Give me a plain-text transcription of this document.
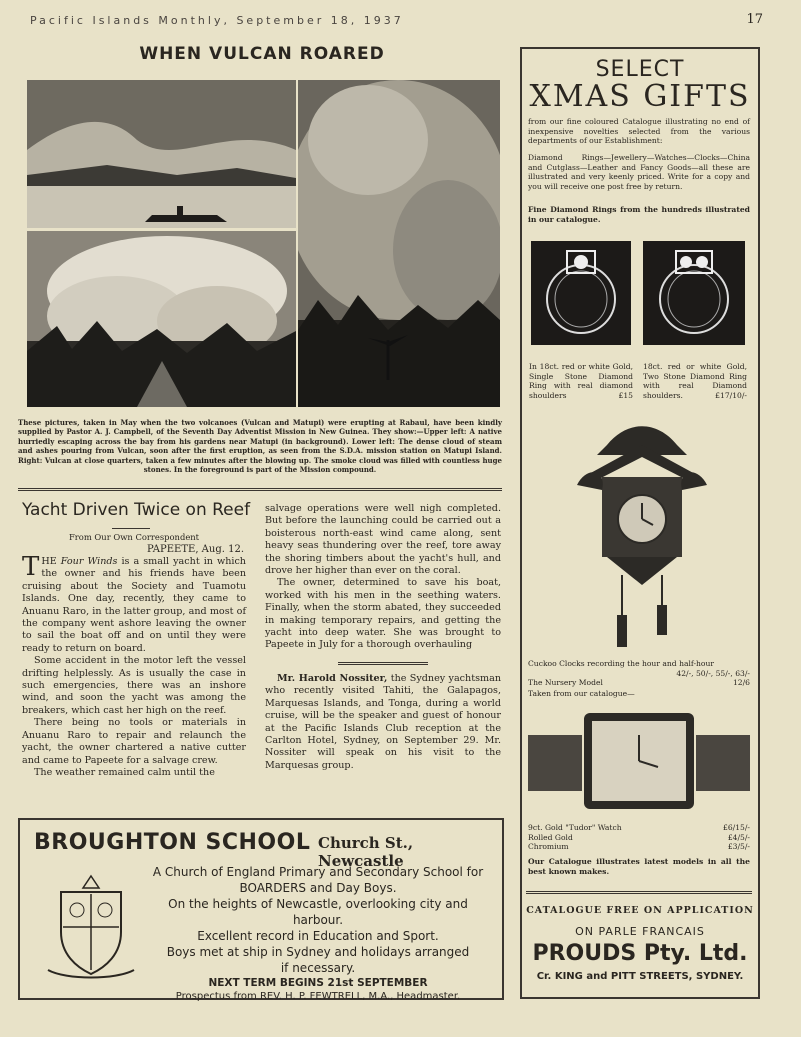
Pacific Islands Monthly, September 18, 1937	17
WHEN VULCAN ROARED
These pictures, taken in May when the two volcanoes (Vulcan and Matupi) were erupting at Rabaul, have been kindly supplied by Pastor A. J. Campbell, of the Seventh Day Adventist Mission in New Guinea. They show:—Upper left: A native hurriedly escaping across the bay from his gardens near Matupi (in background). Lower left: The dense cloud of steam and ashes pouring from Vulcan, soon after the first eruption, as seen from the S.D.A. mission station on Matupi Island. Right: Vulcan at close quarters, taken a few minutes after the blowing up. The smoke cloud was filled with countless huge stones. In the foreground is part of the Mission compound.
Yacht Driven Twice on Reef
From Our Own Correspondent
PAPEETE, Aug. 12.

THE Four Winds is a small yacht in which the owner and his friends have been cruising about the Society and Tuamotu Islands. One day, recently, they came to Anuanu Raro, in the latter group, and most of the company went ashore leaving the owner to sail the boat off and on until they were ready to return on board.

Some accident in the motor left the vessel drifting helplessly. As is usually the case in such emergencies, there was an inshore wind, and soon the yacht was among the breakers, which cast her high on the reef.

There being no tools or materials in Anuanu Raro to repair and relaunch the yacht, the owner chartered a native cutter and came to Papeete for a salvage crew.

The weather remained calm until the

salvage operations were well nigh completed. But before the launching could be carried out a boisterous north-east wind came along, sent heavy seas thundering over the reef, tore away the shoring timbers about the yacht's hull, and drove her higher than ever on the coral.

The owner, determined to save his boat, worked with his men in the seething waters. Finally, when the storm abated, they succeeded in making temporary repairs, and getting the yacht into deep water. She was brought to Papeete in July for a thorough overhauling

Mr. Harold Nossiter, the Sydney yachtsman who recently visited Tahiti, the Galapagos, Marquesas Islands, and Tonga, during a world cruise, will be the speaker and guest of honour at the Pacific Islands Club reception at the Carlton Hotel, Sydney, on September 29. Mr. Nossiter will speak on his visit to the Marquesas group.

BROUGHTON SCHOOL Church St., Newcastle
A Church of England Primary and Secondary School for
BOARDERS and Day Boys.
On the heights of Newcastle, overlooking city and harbour.
Excellent record in Education and Sport.
Boys met at ship in Sydney and holidays arranged
if necessary.
NEXT TERM BEGINS 21st SEPTEMBER
Prospectus from REV. H. P. FEWTRELL, M.A., Headmaster.
SELECT
XMAS GIFTS
from our fine coloured Catalogue illustrating no end of inexpensive novelties selected from the various departments of our Establishment:
Diamond Rings—Jewellery—Watches—Clocks—China and Cutglass—Leather and Fancy Goods—all these are illustrated and very keenly priced. Write for a copy and you will receive one post free by return.
Fine Diamond Rings from the hundreds illustrated in our catalogue.
In 18ct. red or white Gold, Single Stone Diamond Ring with real diamond shoulders	£15
18ct. red or white Gold, Two Stone Diamond Ring with real Diamond shoulders.	£17/10/-
Cuckoo Clocks recording the hour and half-hour
42/-, 50/-, 55/-, 63/-
The Nursery Model	12/6
Taken from our catalogue—
9ct. Gold "Tudor" Watch	£6/15/-
Rolled Gold	£4/5/-
Chromium	£3/5/-
Our Catalogue illustrates latest models in all the best known makes.
CATALOGUE FREE ON APPLICATION
ON PARLE FRANCAIS
PROUDS Pty. Ltd.
Cr. KING and PITT STREETS, SYDNEY.
